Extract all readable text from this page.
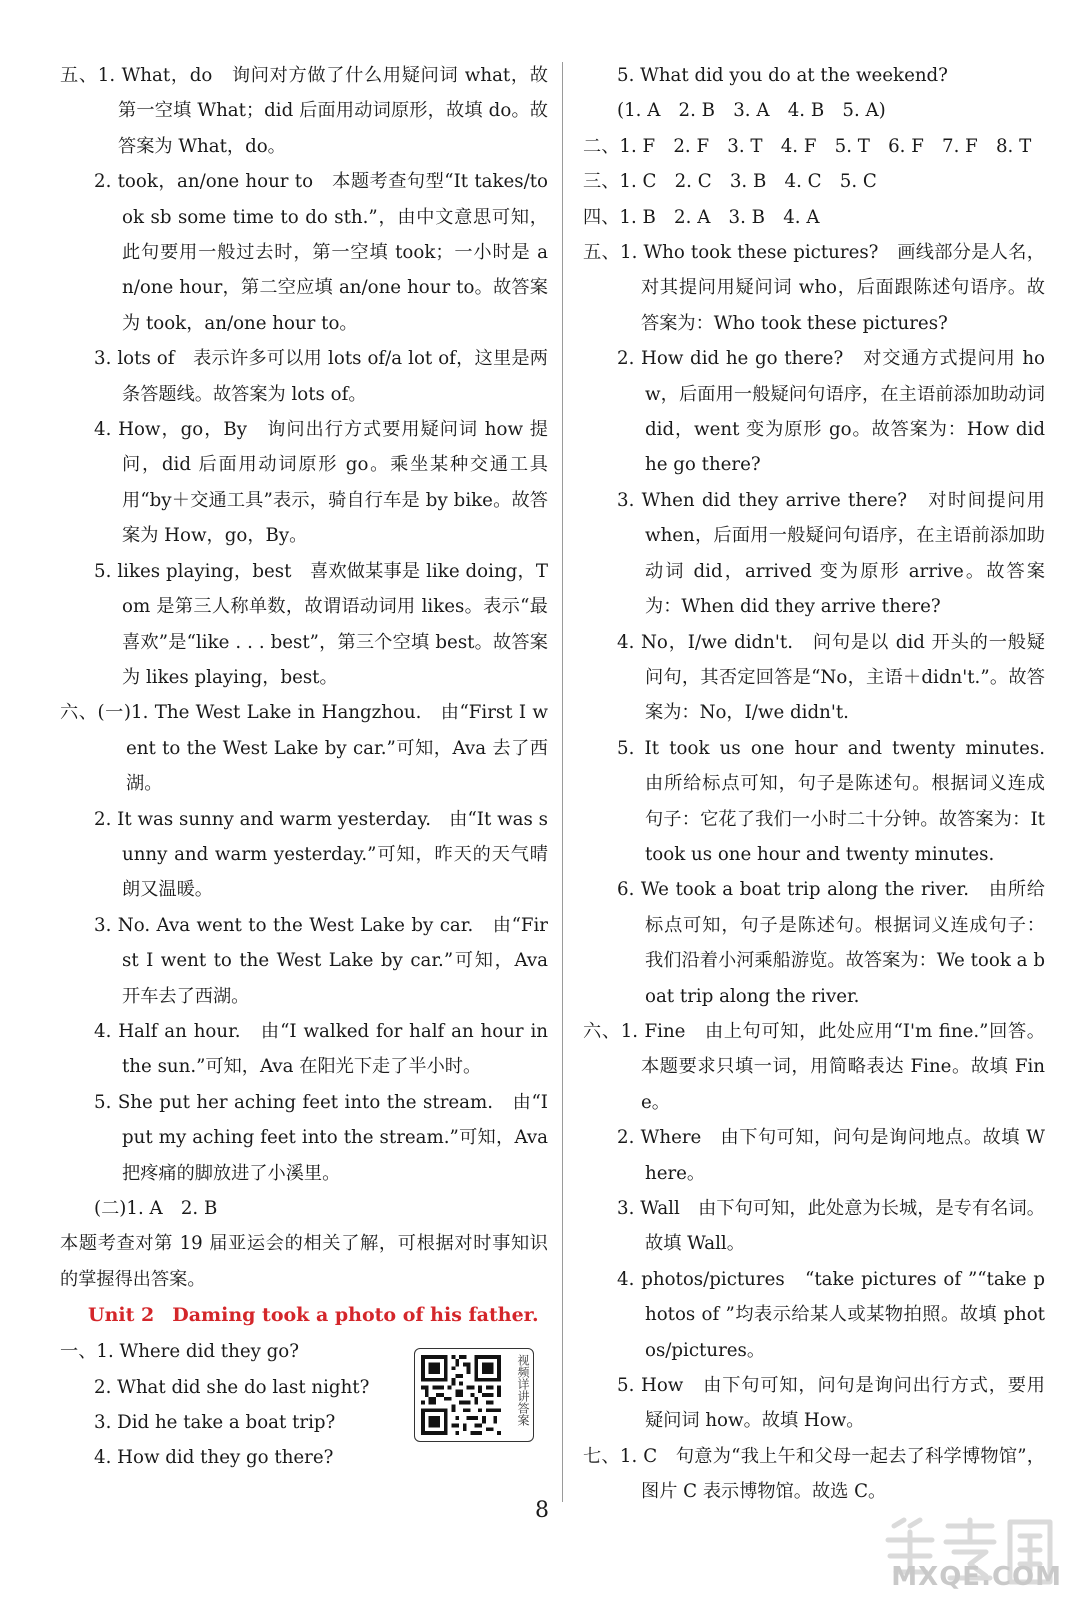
五、1. What，do　询问对方做了什么用疑问词 what，故第一空填 What；did 后面用动词原形，故填 do。故答案为 What，do。

2. took，an/one hour to　本题考查句型“It takes/took sb some time to do sth.”，由中文意思可知，此句要用一般过去时，第一空填 took；一小时是 an/one hour，第二空应填 an/one hour to。故答案为 took，an/one hour to。

3. lots of　表示许多可以用 lots of/a lot of，这里是两条答题线。故答案为 lots of。

4. How，go，By　询问出行方式要用疑问词 how 提问，did 后面用动词原形 go。乘坐某种交通工具用“by＋交通工具”表示，骑自行车是 by bike。故答案为 How，go，By。

5. likes playing，best　喜欢做某事是 like doing，Tom 是第三人称单数，故谓语动词用 likes。表示“最喜欢”是“like . . . best”，第三个空填 best。故答案为 likes playing，best。

六、(一)1. The West Lake in Hangzhou.　由“First I went to the West Lake by car.”可知，Ava 去了西湖。

2. It was sunny and warm yesterday.　由“It was sunny and warm yesterday.”可知，昨天的天气晴朗又温暖。

3. No. Ava went to the West Lake by car.　由“First I went to the West Lake by car.”可知，Ava 开车去了西湖。

4. Half an hour.　由“I walked for half an hour in the sun.”可知，Ava 在阳光下走了半小时。

5. She put her aching feet into the stream.　由“I put my aching feet into the stream.”可知，Ava 把疼痛的脚放进了小溪里。

(二)1. A　2. B

本题考查对第 19 届亚运会的相关了解，可根据对时事知识的掌握得出答案。

Unit 2 Daming took a photo of his father.

一、1. Where did they go?

2. What did she do last night?

3. Did he take a boat trip?

4. How did they go there?

视频详讲答案

5. What did you do at the weekend?

(1. A　2. B　3. A　4. B　5. A)

二、1. F　2. F　3. T　4. F　5. T　6. F　7. F　8. T

三、1. C　2. C　3. B　4. C　5. C

四、1. B　2. A　3. B　4. A

五、1. Who took these pictures?　画线部分是人名，对其提问用疑问词 who，后面跟陈述句语序。故答案为：Who took these pictures?

2. How did he go there?　对交通方式提问用 how，后面用一般疑问句语序，在主语前添加助动词 did，went 变为原形 go。故答案为：How did he go there?

3. When did they arrive there?　对时间提问用 when，后面用一般疑问句语序，在主语前添加助动词 did，arrived 变为原形 arrive。故答案为：When did they arrive there?

4. No，I/we didn't.　问句是以 did 开头的一般疑问句，其否定回答是“No，主语＋didn't.”。故答案为：No，I/we didn't.

5. It took us one hour and twenty minutes.　由所给标点可知，句子是陈述句。根据词义连成句子：它花了我们一小时二十分钟。故答案为：It took us one hour and twenty minutes.

6. We took a boat trip along the river.　由所给标点可知，句子是陈述句。根据词义连成句子：我们沿着小河乘船游览。故答案为：We took a boat trip along the river.

六、1. Fine　由上句可知，此处应用“I'm fine.”回答。本题要求只填一词，用简略表达 Fine。故填 Fine。

2. Where　由下句可知，问句是询问地点。故填 Where。

3. Wall　由下句可知，此处意为长城，是专有名词。故填 Wall。

4. photos/pictures　“take pictures of ”“take photos of ”均表示给某人或某物拍照。故填 photos/pictures。

5. How　由下句可知，问句是询问出行方式，要用疑问词 how。故填 How。

七、1. C　句意为“我上午和父母一起去了科学博物馆”，图片 C 表示博物馆。故选 C。

8
MXQE.COM
